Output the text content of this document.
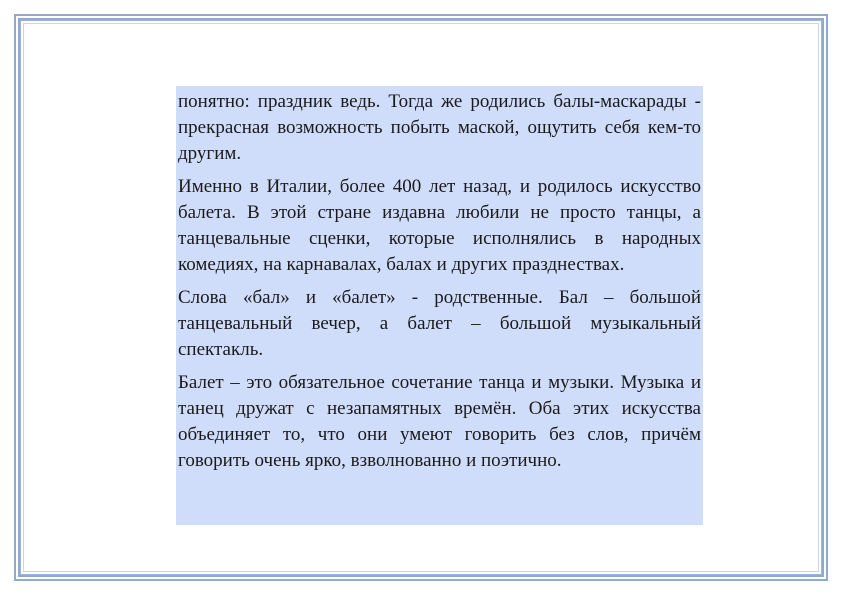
понятно: праздник ведь. Тогда же родились балы-маскарады - прекрасная возможность побыть маской, ощутить себя кем-то другим.

Именно в Италии, более 400 лет назад, и родилось искусство балета. В этой стране издавна любили не просто танцы, а танцевальные сценки, которые исполнялись в народных комедиях, на карнавалах, балах и других празднествах.

Слова «бал» и «балет» - родственные. Бал – большой танцевальный вечер, а балет – большой музыкальный спектакль.

Балет – это обязательное сочетание танца и музыки. Музыка и танец дружат с незапамятных времён. Оба этих искусства объединяет то, что они умеют говорить без слов, причём говорить очень ярко, взволнованно и поэтично.
